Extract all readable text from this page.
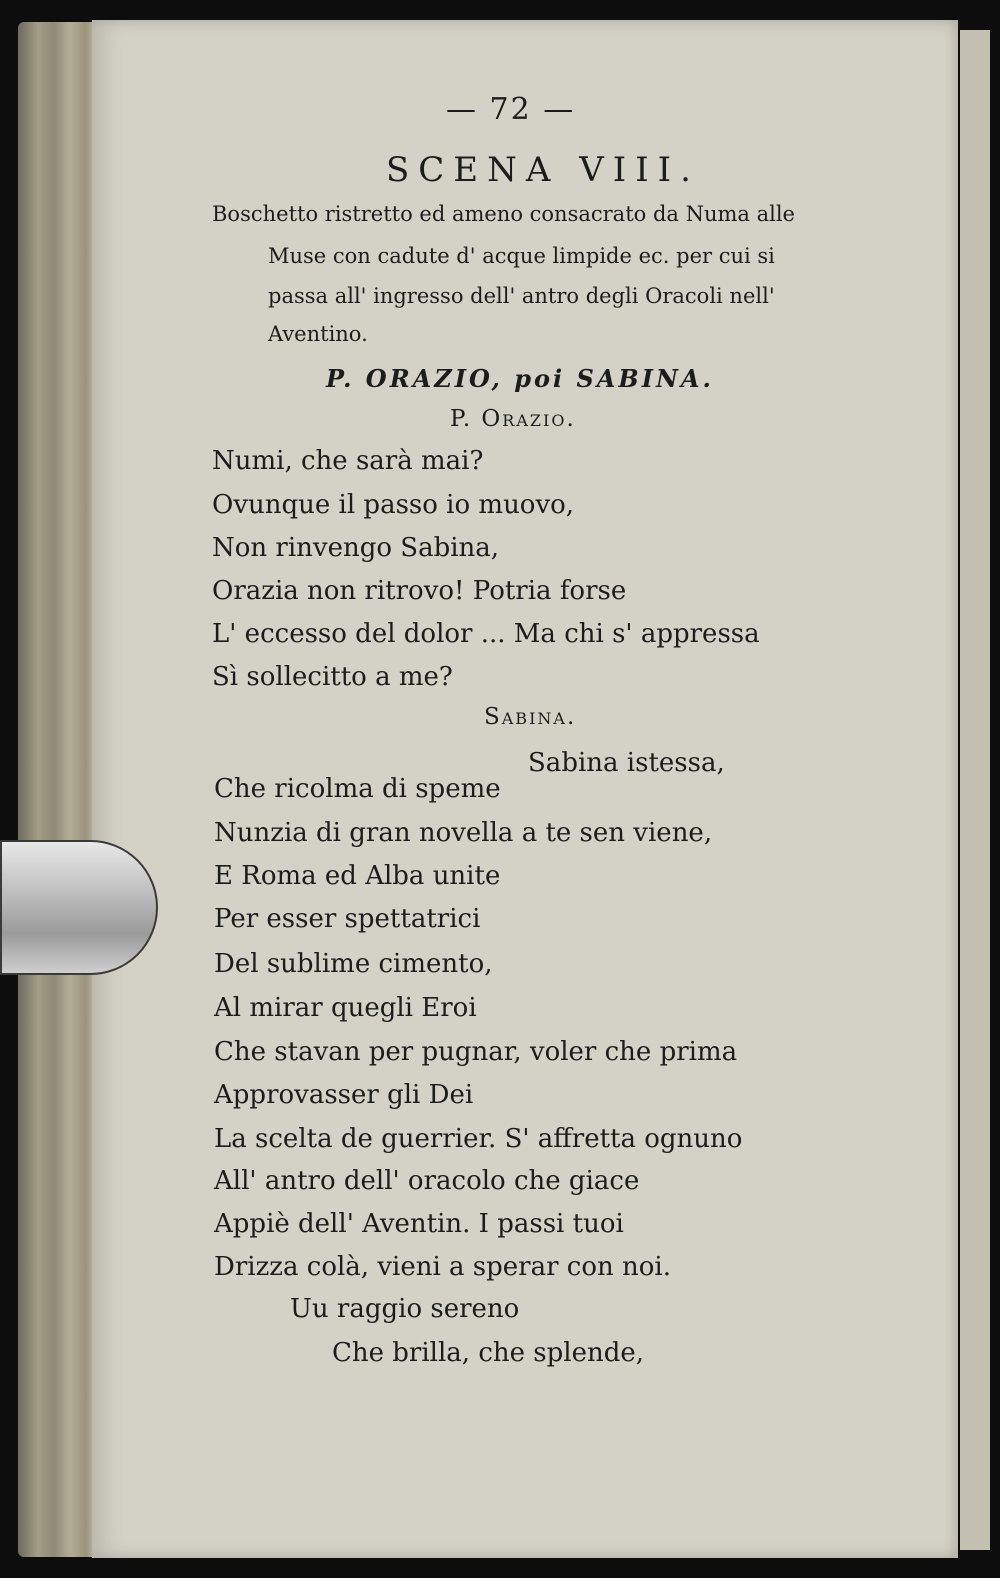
— 72 —
SCENA VIII.
Boschetto ristretto ed ameno consacrato da Numa alle
Muse con cadute d' acque limpide ec. per cui si
passa all' ingresso dell' antro degli Oracoli nell'
Aventino.
P. ORAZIO, poi SABINA.
P. Orazio.
Numi, che sarà mai?
Ovunque il passo io muovo,
Non rinvengo Sabina,
Orazia non ritrovo! Potria forse
L' eccesso del dolor ... Ma chi s' appressa
Sì sollecitto a me?
Sabina.
Sabina istessa,
Che ricolma di speme
Nunzia di gran novella a te sen viene,
E Roma ed Alba unite
Per esser spettatrici
Del sublime cimento,
Al mirar quegli Eroi
Che stavan per pugnar, voler che prima
Approvasser gli Dei
La scelta de guerrier. S' affretta ognuno
All' antro dell' oracolo che giace
Appiè dell' Aventin. I passi tuoi
Drizza colà, vieni a sperar con noi.
Uu raggio sereno
Che brilla, che splende,
